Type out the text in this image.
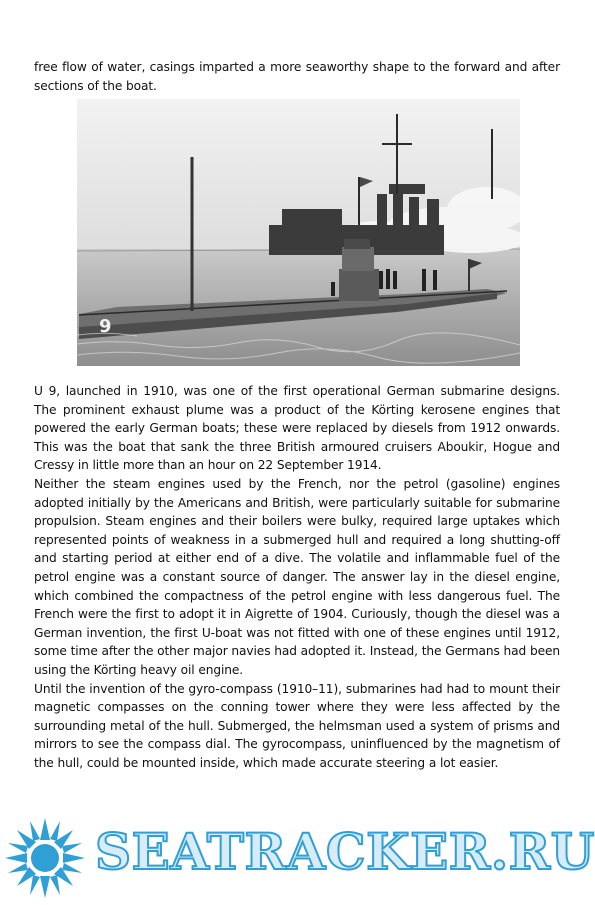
free flow of water, casings imparted a more seaworthy shape to the forward and after sections of the boat.

9

U 9, launched in 1910, was one of the first operational German submarine designs. The prominent exhaust plume was a product of the Körting kerosene engines that powered the early German boats; these were replaced by diesels from 1912 onwards. This was the boat that sank the three British armoured cruisers Aboukir, Hogue and Cressy in little more than an hour on 22 September 1914.

Neither the steam engines used by the French, nor the petrol (gasoline) engines adopted initially by the Americans and British, were particularly suitable for submarine propulsion. Steam engines and their boilers were bulky, required large uptakes which represented points of weakness in a submerged hull and required a long shutting-off and starting period at either end of a dive. The volatile and inflammable fuel of the petrol engine was a constant source of danger. The answer lay in the diesel engine, which combined the compactness of the petrol engine with less dangerous fuel. The French were the first to adopt it in Aigrette of 1904. Curiously, though the diesel was a German invention, the first U-boat was not fitted with one of these engines until 1912, some time after the other major navies had adopted it. Instead, the Germans had been using the Körting heavy oil engine.

Until the invention of the gyro-compass (1910–11), submarines had had to mount their magnetic compasses on the conning tower where they were less affected by the surrounding metal of the hull. Submerged, the helmsman used a system of prisms and mirrors to see the compass dial. The gyrocompass, uninfluenced by the magnetism of the hull, could be mounted inside, which made accurate steering a lot easier.

SEATRACKER.RU
